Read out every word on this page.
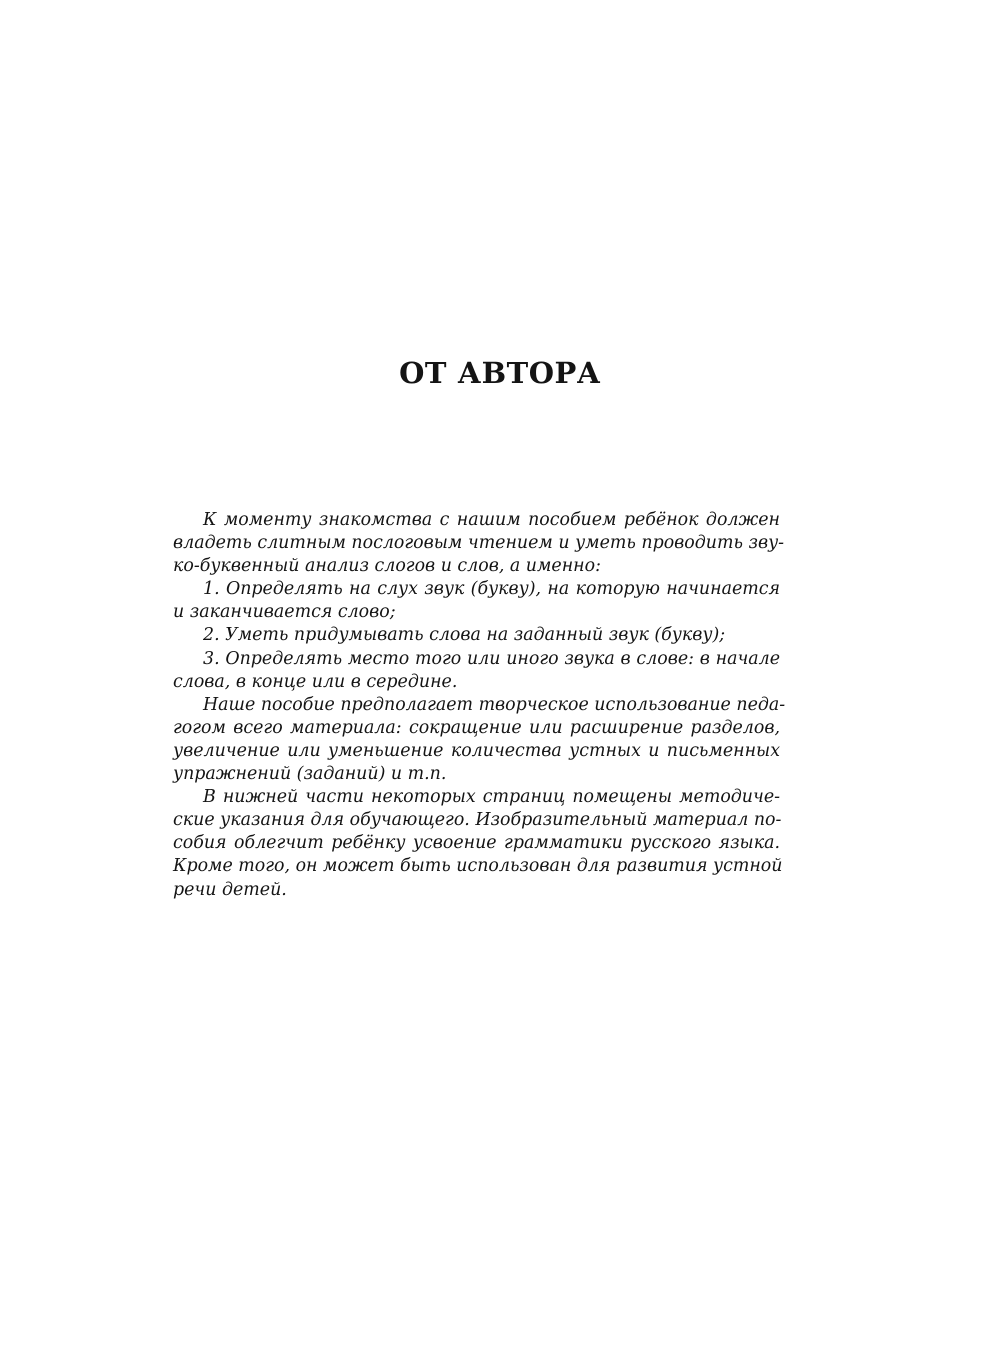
ОТ АВТОРА
К моменту знакомства с нашим пособием ребёнок должен
владеть слитным послоговым чтением и уметь проводить зву-
ко-буквенный анализ слогов и слов, а именно:
1. Определять на слух звук (букву), на которую начинается
и заканчивается слово;
2. Уметь придумывать слова на заданный звук (букву);
3. Определять место того или иного звука в слове: в начале
слова, в конце или в середине.
Наше пособие предполагает творческое использование педа-
гогом всего материала: сокращение или расширение разделов,
увеличение или уменьшение количества устных и письменных
упражнений (заданий) и т.п.
В нижней части некоторых страниц помещены методиче-
ские указания для обучающего. Изобразительный материал по-
собия облегчит ребёнку усвоение грамматики русского языка.
Кроме того, он может быть использован для развития устной
речи детей.
